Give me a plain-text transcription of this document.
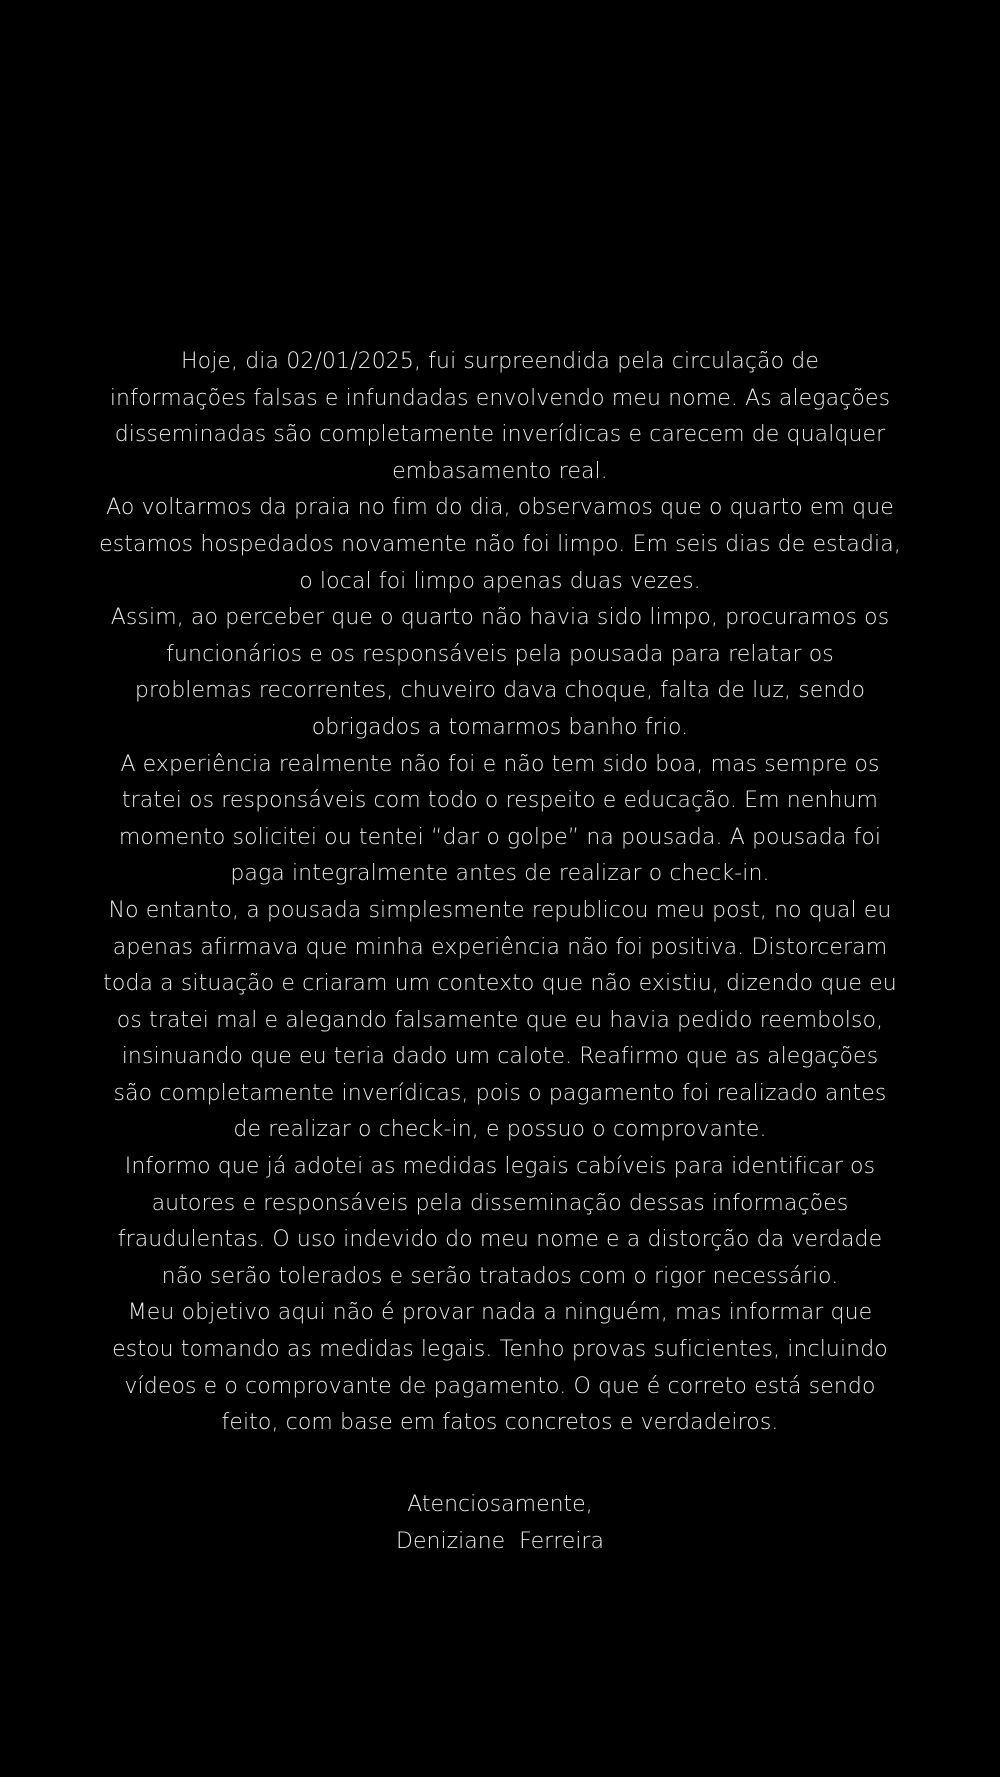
Hoje, dia 02/01/2025, fui surpreendida pela circulação de
informações falsas e infundadas envolvendo meu nome. As alegações
disseminadas são completamente inverídicas e carecem de qualquer
embasamento real.

Ao voltarmos da praia no fim do dia, observamos que o quarto em que
estamos hospedados novamente não foi limpo. Em seis dias de estadia,
o local foi limpo apenas duas vezes.

Assim, ao perceber que o quarto não havia sido limpo, procuramos os
funcionários e os responsáveis pela pousada para relatar os
problemas recorrentes, chuveiro dava choque, falta de luz, sendo
obrigados a tomarmos banho frio.

A experiência realmente não foi e não tem sido boa, mas sempre os
tratei os responsáveis com todo o respeito e educação. Em nenhum
momento solicitei ou tentei “dar o golpe” na pousada. A pousada foi
paga integralmente antes de realizar o check-in.

No entanto, a pousada simplesmente republicou meu post, no qual eu
apenas afirmava que minha experiência não foi positiva. Distorceram
toda a situação e criaram um contexto que não existiu, dizendo que eu
os tratei mal e alegando falsamente que eu havia pedido reembolso,
insinuando que eu teria dado um calote. Reafirmo que as alegações
são completamente inverídicas, pois o pagamento foi realizado antes
de realizar o check-in, e possuo o comprovante.

Informo que já adotei as medidas legais cabíveis para identificar os
autores e responsáveis pela disseminação dessas informações
fraudulentas. O uso indevido do meu nome e a distorção da verdade
não serão tolerados e serão tratados com o rigor necessário.

Meu objetivo aqui não é provar nada a ninguém, mas informar que
estou tomando as medidas legais. Tenho provas suficientes, incluindo
vídeos e o comprovante de pagamento. O que é correto está sendo
feito, com base em fatos concretos e verdadeiros.

Atenciosamente,

Deniziane  Ferreira
